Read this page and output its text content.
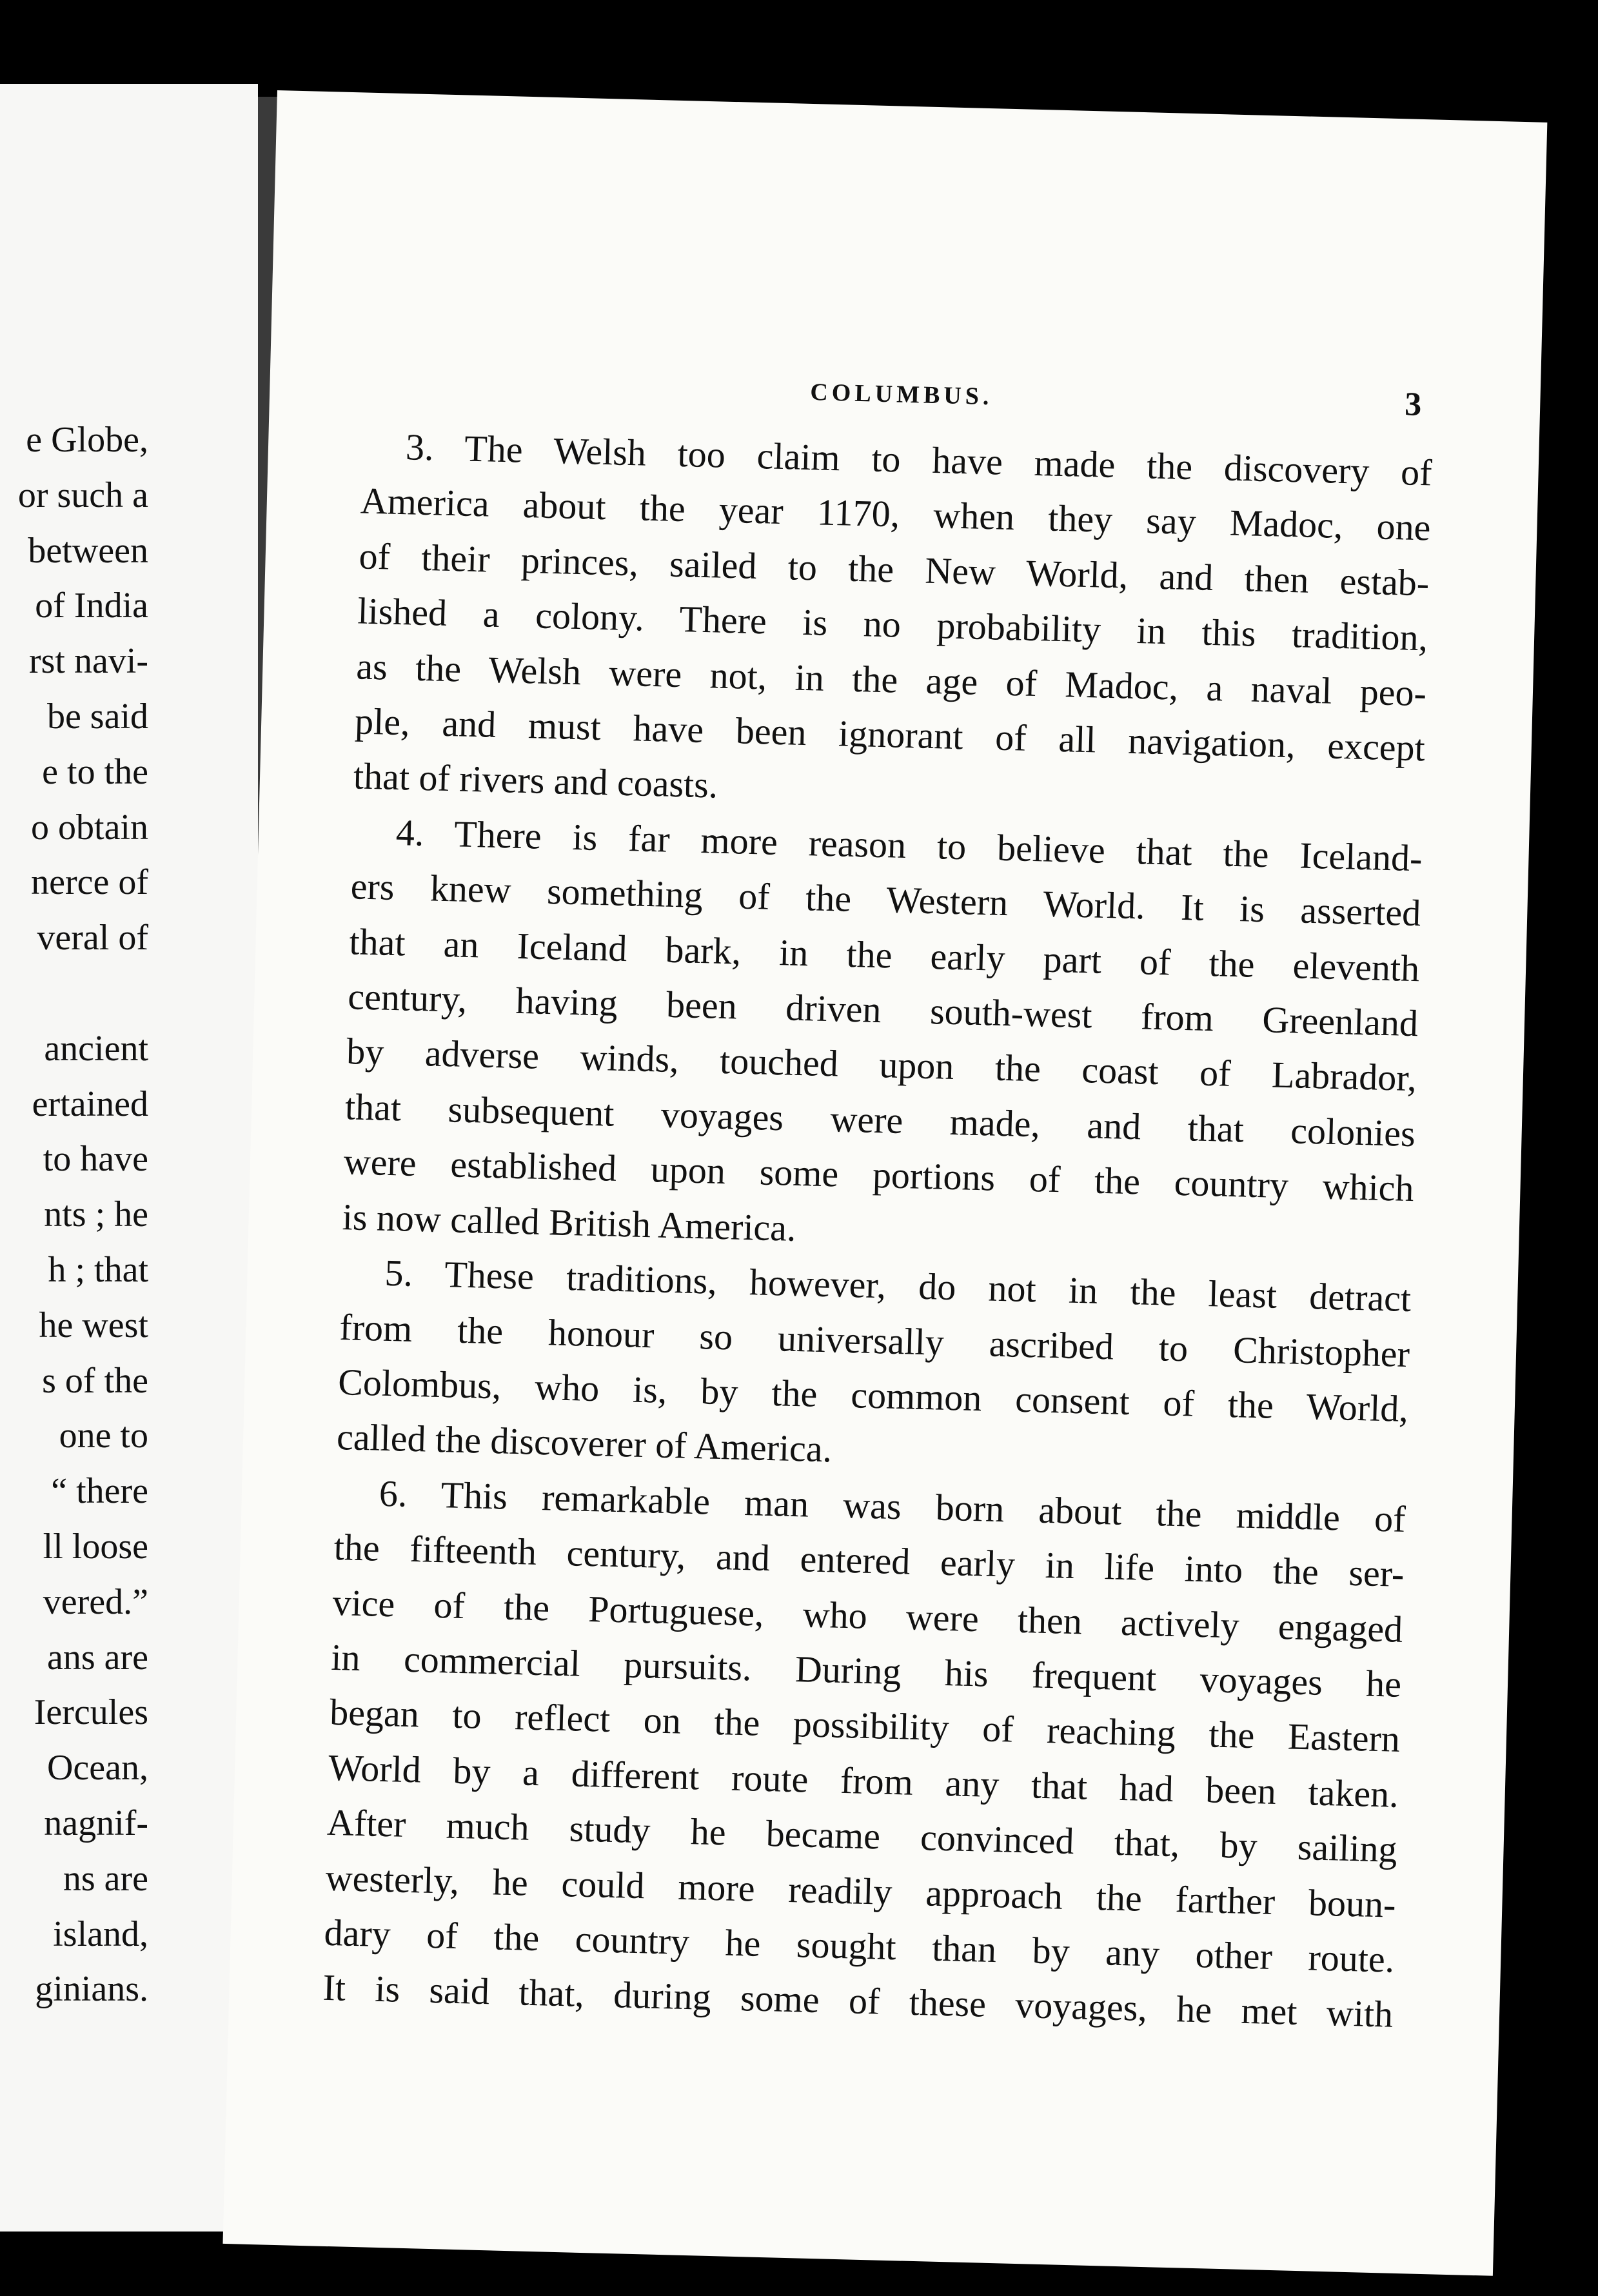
e Globe,
or such a
between
of India
rst navi-
be said
e to the
o obtain
nerce of
veral of

ancient
ertained
to have
nts ; he
h ; that
he west
s of the
one to
“ there
ll loose
vered.”
ans are
Iercules
Ocean,
nagnif-
ns are
island,
ginians.
COLUMBUS.	3

3. The Welsh too claim to have made the discovery of
America about the year 1170, when they say Madoc, one
of their princes, sailed to the New World, and then estab-
lished a colony. There is no probability in this tradition,
as the Welsh were not, in the age of Madoc, a naval peo-
ple, and must have been ignorant of all navigation, except
that of rivers and coasts.

4. There is far more reason to believe that the Iceland-
ers knew something of the Western World. It is asserted
that an Iceland bark, in the early part of the eleventh
century, having been driven south-west from Greenland
by adverse winds, touched upon the coast of Labrador,
that subsequent voyages were made, and that colonies
were established upon some portions of the country which
is now called British America.

5. These traditions, however, do not in the least detract
from the honour so universally ascribed to Christopher
Colombus, who is, by the common consent of the World,
called the discoverer of America.

6. This remarkable man was born about the middle of
the fifteenth century, and entered early in life into the ser-
vice of the Portuguese, who were then actively engaged
in commercial pursuits. During his frequent voyages he
began to reflect on the possibility of reaching the Eastern
World by a different route from any that had been taken.
After much study he became convinced that, by sailing
westerly, he could more readily approach the farther boun-
dary of the country he sought than by any other route.
It is said that, during some of these voyages, he met with
